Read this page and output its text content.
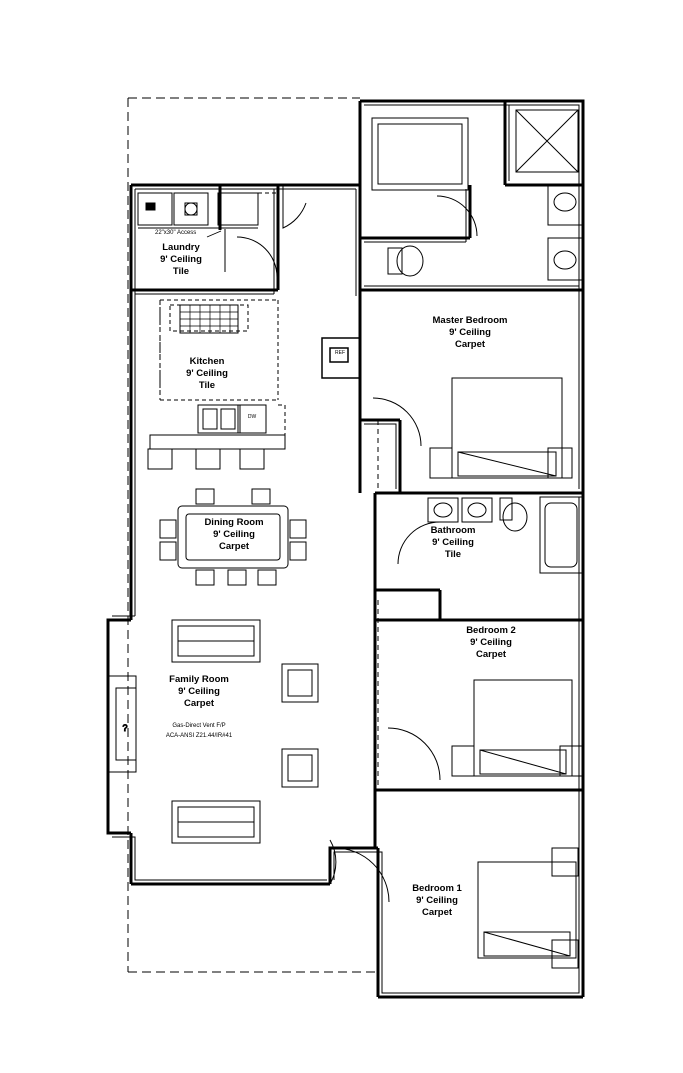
?
Laundry
9' Ceiling
Tile
Kitchen
9' Ceiling
Tile
Dining Room
9' Ceiling
Carpet
Family Room
9' Ceiling
Carpet
Master Bedroom
9' Ceiling
Carpet
Bathroom
9' Ceiling
Tile
Bedroom 2
9' Ceiling
Carpet
Bedroom 1
9' Ceiling
Carpet
22"x30" Access
Gas-Direct Vent F/P
ACA-ANSI Z21.44/IR#41
DW
REF
